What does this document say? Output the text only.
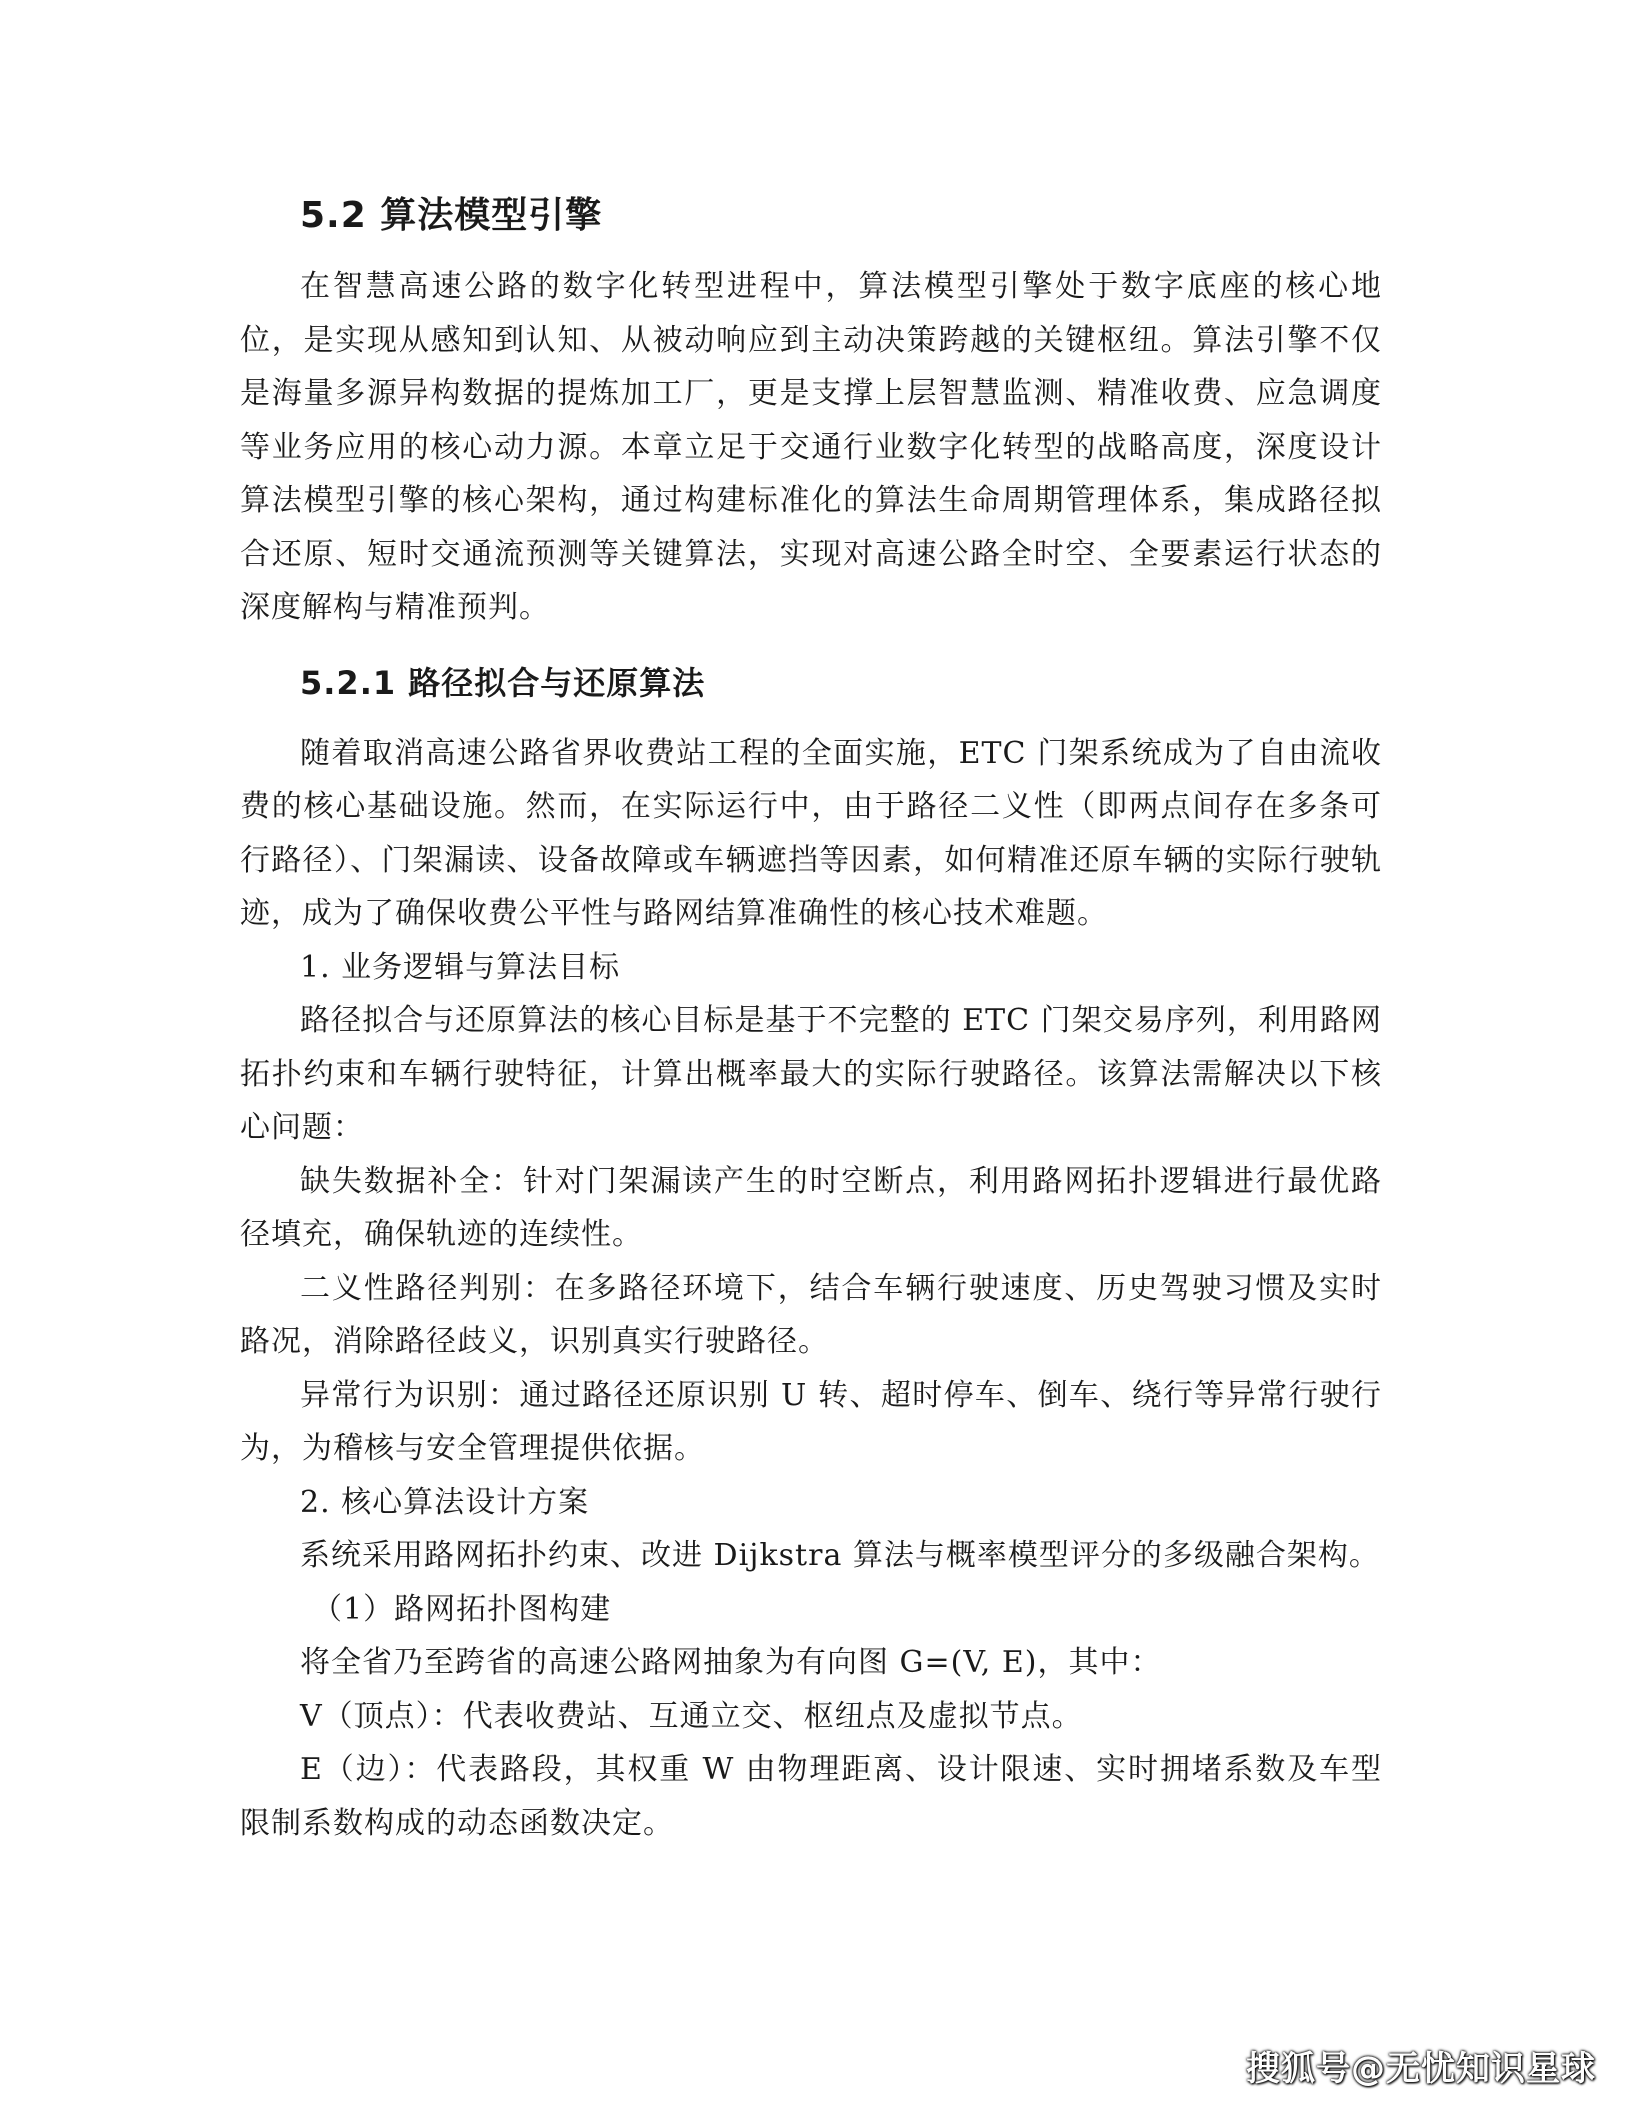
5.2 算法模型引擎

在智慧高速公路的数字化转型进程中，算法模型引擎处于数字底座的核心地位，是实现从感知到认知、从被动响应到主动决策跨越的关键枢纽。算法引擎不仅是海量多源异构数据的提炼加工厂，更是支撑上层智慧监测、精准收费、应急调度等业务应用的核心动力源。本章立足于交通行业数字化转型的战略高度，深度设计算法模型引擎的核心架构，通过构建标准化的算法生命周期管理体系，集成路径拟合还原、短时交通流预测等关键算法，实现对高速公路全时空、全要素运行状态的深度解构与精准预判。

5.2.1 路径拟合与还原算法

随着取消高速公路省界收费站工程的全面实施，ETC 门架系统成为了自由流收费的核心基础设施。然而，在实际运行中，由于路径二义性（即两点间存在多条可行路径）、门架漏读、设备故障或车辆遮挡等因素，如何精准还原车辆的实际行驶轨迹，成为了确保收费公平性与路网结算准确性的核心技术难题。

1. 业务逻辑与算法目标

路径拟合与还原算法的核心目标是基于不完整的 ETC 门架交易序列，利用路网拓扑约束和车辆行驶特征，计算出概率最大的实际行驶路径。该算法需解决以下核心问题：

缺失数据补全：针对门架漏读产生的时空断点，利用路网拓扑逻辑进行最优路径填充，确保轨迹的连续性。

二义性路径判别：在多路径环境下，结合车辆行驶速度、历史驾驶习惯及实时路况，消除路径歧义，识别真实行驶路径。

异常行为识别：通过路径还原识别 U 转、超时停车、倒车、绕行等异常行驶行为，为稽核与安全管理提供依据。

2. 核心算法设计方案

系统采用路网拓扑约束、改进 Dijkstra 算法与概率模型评分的多级融合架构。

（1）路网拓扑图构建

将全省乃至跨省的高速公路网抽象为有向图 G=(V, E)，其中：

V（顶点）：代表收费站、互通立交、枢纽点及虚拟节点。

E（边）：代表路段，其权重 W 由物理距离、设计限速、实时拥堵系数及车型限制系数构成的动态函数决定。

搜狐号@无忧知识星球
